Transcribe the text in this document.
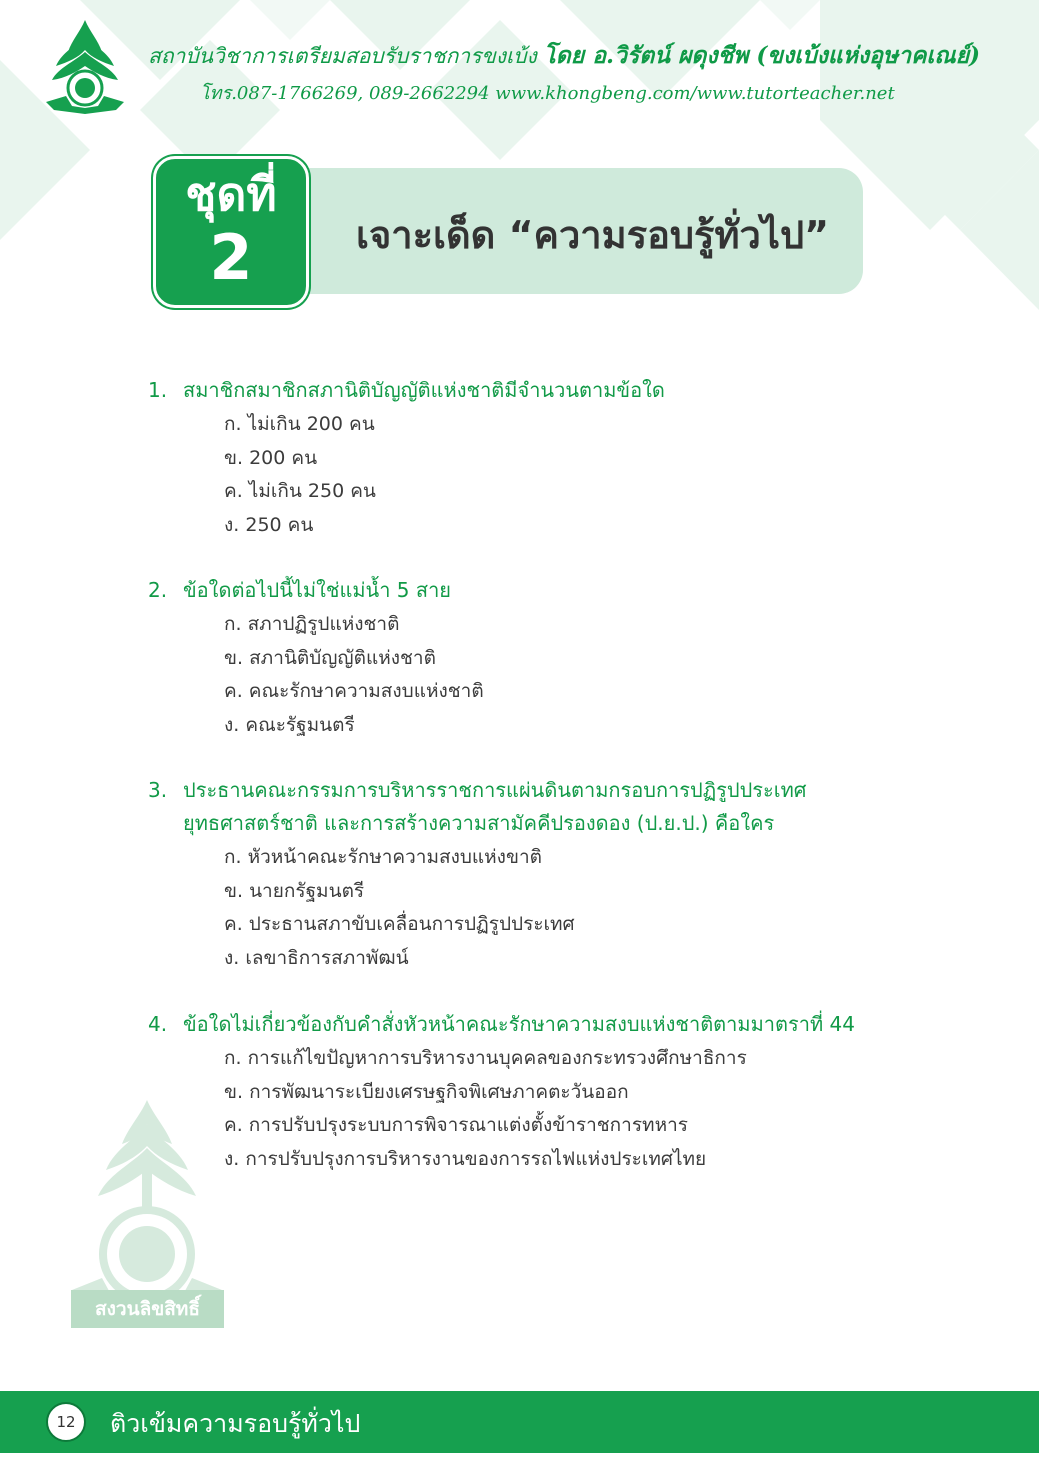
สถาบันวิชาการเตรียมสอบรับราชการขงเบ้ง โดย อ.วิรัตน์ ผดุงชีพ (ขงเบ้งแห่งอุษาคเณย์)
โทร.087-1766269, 089-2662294 www.khongbeng.com/www.tutorteacher.net
ชุดที่
2	เจาะเด็ด “ความรอบรู้ทั่วไป”
1. สมาชิกสมาชิกสภานิติบัญญัติแห่งชาติมีจำนวนตามข้อใด
ก. ไม่เกิน 200 คน
ข. 200 คน
ค. ไม่เกิน 250 คน
ง. 250 คน
2. ข้อใดต่อไปนี้ไม่ใช่แม่น้ำ 5 สาย
ก. สภาปฏิรูปแห่งชาติ
ข. สภานิติบัญญัติแห่งชาติ
ค. คณะรักษาความสงบแห่งชาติ
ง. คณะรัฐมนตรี
3. ประธานคณะกรรมการบริหารราชการแผ่นดินตามกรอบการปฏิรูปประเทศ
ยุทธศาสตร์ชาติ และการสร้างความสามัคคีปรองดอง (ป.ย.ป.) คือใคร
ก. หัวหน้าคณะรักษาความสงบแห่งขาติ
ข. นายกรัฐมนตรี
ค. ประธานสภาขับเคลื่อนการปฏิรูปประเทศ
ง. เลขาธิการสภาพัฒน์
4. ข้อใดไม่เกี่ยวข้องกับคำสั่งหัวหน้าคณะรักษาความสงบแห่งชาติตามมาตราที่ 44
ก. การแก้ไขปัญหาการบริหารงานบุคคลของกระทรวงศึกษาธิการ
ข. การพัฒนาระเบียงเศรษฐกิจพิเศษภาคตะวันออก
ค. การปรับปรุงระบบการพิจารณาแต่งตั้งข้าราชการทหาร
ง. การปรับปรุงการบริหารงานของการรถไฟแห่งประเทศไทย
สงวนลิขสิทธิ์
12	ติวเข้มความรอบรู้ทั่วไป
